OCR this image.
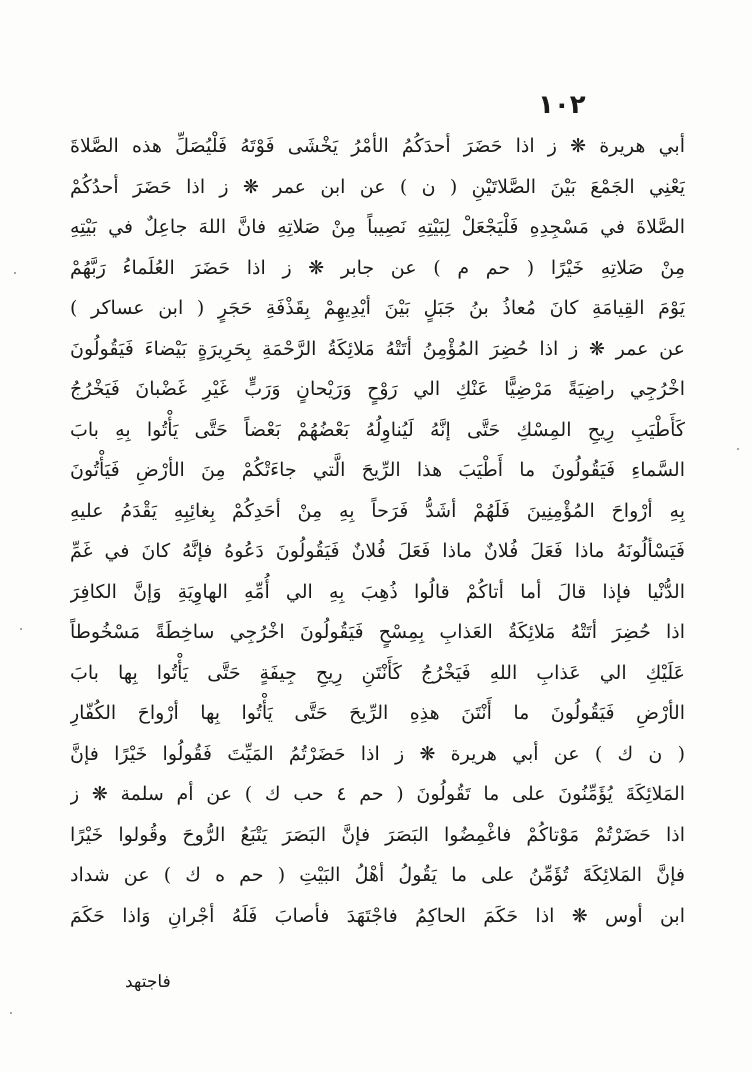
١٠٢
أبي هريرة ❋ ز اذا حَضَرَ أحدَكُمُ الأمْرُ يَخْشَى فَوْتَهُ فَلْيُصَلِّ هذه الصَّلاةَ
يَعْنِي الجَمْعَ بَيْنَ الصَّلاتَيْنِ ( ن ) عن ابن عمر ❋ ز اذا حَضَرَ أحدُكُمْ
الصَّلاةَ في مَسْجِدِهِ فَلْيَجْعَلْ لِبَيْتِهِ نَصِيباً مِنْ صَلاتِهِ فانَّ اللهَ جاعِلٌ في بَيْتِهِ
مِنْ صَلاتِهِ خَيْرًا ( حم م ) عن جابر ❋ ز اذا حَضَرَ العُلَماءُ رَبَّهُمْ
يَوْمَ القِيامَةِ كانَ مُعاذُ بنُ جَبَلٍ بَيْنَ أيْدِيهِمْ بِقَذْفَةِ حَجَرٍ ( ابن عساكر )
عن عمر ❋ ز اذا حُضِرَ المُؤْمِنُ أتَتْهُ مَلائِكَةُ الرَّحْمَةِ بِحَرِيرَةٍ بَيْضاءَ فَيَقُولُونَ
اخْرُجِي راضِيَةً مَرْضِيًّا عَنْكِ الي رَوْحٍ وَرَيْحانٍ وَرَبٍّ غَيْرِ غَضْبانَ فَيَخْرُجُ
كَأَطْيَبِ رِيحِ المِسْكِ حَتَّى إنَّهُ لَيُناوِلُهُ بَعْضُهُمْ بَعْضاً حَتَّى يَأْتُوا بِهِ بابَ
السَّماءِ فَيَقُولُونَ ما أَطْيَبَ هذا الرِّيحَ الَّتي جاءَتْكُمْ مِنَ الأرْضِ فَيَأْتُونَ
بِهِ أرْواحَ المُؤْمِنِينَ فَلَهُمْ أشَدُّ فَرَحاً بِهِ مِنْ أحَدِكُمْ بِغائِبِهِ يَقْدَمُ عليهِ
فَيَسْألُونَهُ ماذا فَعَلَ فُلانٌ ماذا فَعَلَ فُلانٌ فَيَقُولُونَ دَعُوهُ فإنَّهُ كانَ في غَمِّ
الدُّنْيا فإذا قالَ أما أتاكُمْ قالُوا ذُهِبَ بِهِ الي أُمِّهِ الهاوِيَةِ وَإنَّ الكافِرَ
اذا حُضِرَ أتَتْهُ مَلائِكَةُ العَذابِ بِمِسْحٍ فَيَقُولُونَ اخْرُجِي ساخِطَةً مَسْخُوطاً
عَلَيْكِ الي عَذابِ اللهِ فَيَخْرُجُ كَأَنْتَنِ رِيحِ جِيفَةٍ حَتَّى يَأْتُوا بِها بابَ
الأرْضِ فَيَقُولُونَ ما أَنْتَنَ هذِهِ الرِّيحَ حَتَّى يَأْتُوا بِها أرْواحَ الكُفّارِ
( ن ك ) عن أبي هريرة ❋ ز اذا حَضَرْتُمُ المَيِّتَ فَقُولُوا خَيْرًا فإنَّ
المَلائِكَةَ يُؤَمِّنُونَ على ما تَقُولُونَ ( حم ٤ حب ك ) عن أم سلمة ❋ ز
اذا حَضَرْتُمْ مَوْتاكُمْ فاغْمِضُوا البَصَرَ فإنَّ البَصَرَ يَتْبَعُ الرُّوحَ وقُولوا خَيْرًا
فإنَّ المَلائِكَةَ تُؤَمِّنُ على ما يَقُولُ أهْلُ البَيْتِ ( حم ه ك ) عن شداد
ابن أوس ❋ اذا حَكَمَ الحاكِمُ فاجْتَهَدَ فأصابَ فَلَهُ أجْرانِ وَاذا حَكَمَ
فاجتهد
